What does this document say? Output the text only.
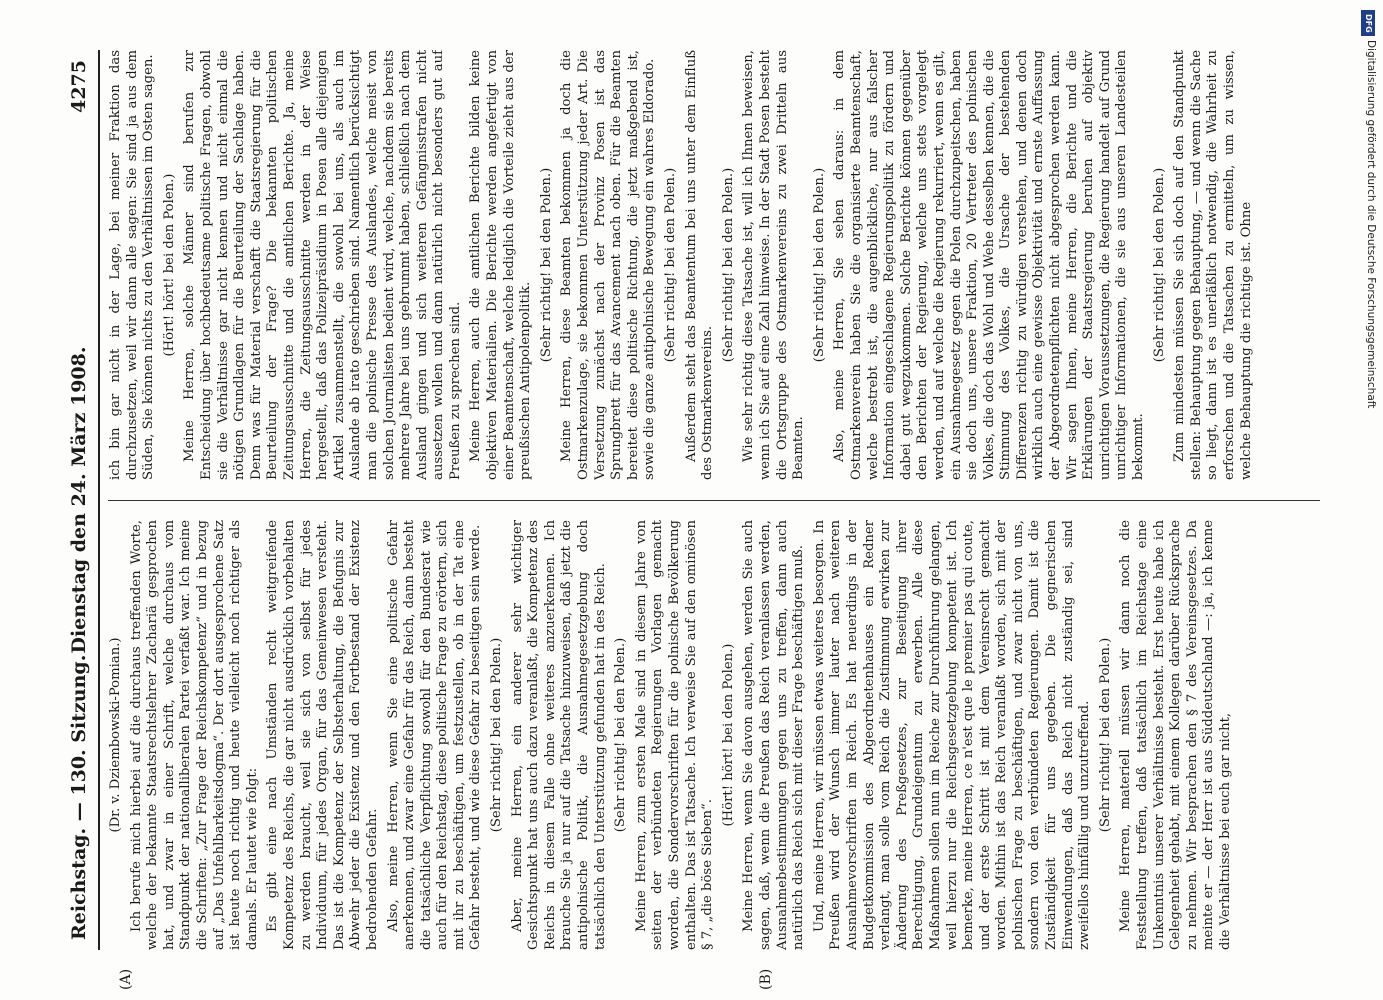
Reichstag. — 130. Sitzung.
Dienstag den 24. März 1908.
4275

(Dr. v. Dziembowski-Pomian.) Ich berufe mich hierbei auf die durchaus treffenden Worte, welche der bekannte Staatsrechtslehrer Zachariä gesprochen hat, und zwar in einer Schrift, welche durchaus vom Standpunkt der nationalliberalen Partei verfaßt war. Ich meine die Schriften: „Zur Frage der Reichskompetenz“ und in bezug auf „Das Unfehlbarkeitsdogma“. Der dort ausgesprochene Satz ist heute noch richtig und heute vielleicht noch richtiger als damals. Er lautet wie folgt: Es gibt eine nach Umständen recht weitgreifende Kompetenz des Reichs, die gar nicht ausdrücklich vorbehalten zu werden braucht, weil sie sich von selbst für jedes Individuum, für jedes Organ, für das Gemeinwesen versteht. Das ist die Kompetenz der Selbsterhaltung, die Befugnis zur Abwehr jeder die Existenz und den Fortbestand der Existenz bedrohenden Gefahr. Also, meine Herren, wenn Sie eine politische Gefahr anerkennen, und zwar eine Gefahr für das Reich, dann besteht die tatsächliche Verpflichtung sowohl für den Bundesrat wie auch für den Reichstag, diese politische Frage zu erörtern, sich mit ihr zu beschäftigen, um festzustellen, ob in der Tat eine Gefahr besteht, und wie diese Gefahr zu beseitigen sein werde. (Sehr richtig! bei den Polen.) Aber, meine Herren, ein anderer sehr wichtiger Gesichtspunkt hat uns auch dazu veranlaßt, die Kompetenz des Reichs in diesem Falle ohne weiteres anzuerkennen. Ich brauche Sie ja nur auf die Tatsache hinzuweisen, daß jetzt die antipolnische Politik, die Ausnahmegesetzgebung doch tatsächlich den Unterstützung gefunden hat in des Reich. (Sehr richtig! bei den Polen.) Meine Herren, zum ersten Male sind in diesem Jahre von seiten der verbündeten Regierungen Vorlagen gemacht worden, die Sondervorschriften für die polnische Bevölkerung enthalten. Das ist Tatsache. Ich verweise Sie auf den ominösen § 7, „die böse Sieben“.

(Hört! hört! bei den Polen.) Meine Herren, wenn Sie davon ausgehen, werden Sie auch sagen, daß, wenn die Preußen das Reich veranlassen werden, Ausnahmebestimmungen gegen uns zu treffen, dann auch natürlich das Reich sich mit dieser Frage beschäftigen muß. Und, meine Herren, wir müssen etwas weiteres besorgen. In Preußen wird der Wunsch immer lauter nach weiteren Ausnahmevorschriften im Reich. Es hat neuerdings in der Budgetkommission des Abgeordnetenhauses ein Redner verlangt, man solle vom Reich die Zustimmung erwirken zur Änderung des Preßgesetzes, zur Beseitigung ihrer Berechtigung, Grundeigentum zu erwerben. Alle diese Maßnahmen sollen nun im Reiche zur Durchführung gelangen, weil hierzu nur die Reichsgesetzgebung kompetent ist. Ich bemerke, meine Herren, ce n'est que le premier pas qui coute, und der erste Schritt ist mit dem Vereinsrecht gemacht worden. Mithin ist das Reich veranlaßt worden, sich mit der polnischen Frage zu beschäftigen, und zwar nicht von uns, sondern von den verbündeten Regierungen. Damit ist die Zuständigkeit für uns gegeben. Die gegnerischen Einwendungen, daß das Reich nicht zuständig sei, sind zweifellos hinfällig und unzutreffend. (Sehr richtig! bei den Polen.) Meine Herren, materiell müssen wir dann noch die Feststellung treffen, daß tatsächlich im Reichstage eine Unkenntnis unserer Verhältnisse besteht. Erst heute habe ich Gelegenheit gehabt, mit einem Kollegen darüber Rücksprache zu nehmen. Wir besprachen den § 7 des Vereinsgesetzes. Da meinte er — der Herr ist aus Süddeutschland —: ja, ich kenne die Verhältnisse bei euch gar nicht,

ich bin gar nicht in der Lage, bei meiner Fraktion das durchzusetzen, weil wir dann alle sagen: Sie sind ja aus dem Süden, Sie können nichts zu den Verhältnissen im Osten sagen. (Hört! hört! bei den Polen.) Meine Herren, solche Männer sind berufen zur Entscheidung über hochbedeutsame politische Fragen, obwohl sie die Verhältnisse gar nicht kennen und nicht einmal die nötigen Grundlagen für die Beurteilung der Sachlage haben. Denn was für Material verschafft die Staatsregierung für die Beurteilung der Frage? Die bekannten politischen Zeitungsausschnitte und die amtlichen Berichte. Ja, meine Herren, die Zeitungsausschnitte werden in der Weise hergestellt, daß das Polizeipräsidium in Posen alle diejenigen Artikel zusammenstellt, die sowohl bei uns, als auch im Auslande ab irato geschrieben sind. Namentlich berücksichtigt man die polnische Presse des Auslandes, welche meist von solchen Journalisten bedient wird, welche, nachdem sie bereits mehrere Jahre bei uns gebrummt haben, schließlich nach dem Ausland gingen und sich weiteren Gefängnisstrafen nicht aussetzen wollen und dann natürlich nicht besonders gut auf Preußen zu sprechen sind. Meine Herren, auch die amtlichen Berichte bilden keine objektiven Materialien. Die Berichte werden angefertigt von einer Beamtenschaft, welche lediglich die Vorteile zieht aus der preußischen Antipolenpolitik.

(Sehr richtig! bei den Polen.) Meine Herren, diese Beamten bekommen ja doch die Ostmarkenzulage, sie bekommen Unterstützung jeder Art. Die Versetzung zunächst nach der Provinz Posen ist das Sprungbrett für das Avancement nach oben. Für die Beamten bereitet diese politische Richtung, die jetzt maßgebend ist, sowie die ganze antipolnische Bewegung ein wahres Eldorado. (Sehr richtig! bei den Polen.) Außerdem steht das Beamtentum bei uns unter dem Einfluß des Ostmarkenvereins.

(Sehr richtig! bei den Polen.) Wie sehr richtig diese Tatsache ist, will ich Ihnen beweisen, wenn ich Sie auf eine Zahl hinweise. In der Stadt Posen besteht die Ortsgruppe des Ostmarkenvereins zu zwei Dritteln aus Beamten.

(Sehr richtig! bei den Polen.) Also, meine Herren, Sie sehen daraus: in dem Ostmarkenverein haben Sie die organisierte Beamtenschaft, welche bestrebt ist, die augenblickliche, nur aus falscher Information eingeschlagene Regierungspolitik zu fördern und dabei gut wegzukommen. Solche Berichte können gegenüber den Berichten der Regierung, welche uns stets vorgelegt werden, und auf welche die Regierung rekurriert, wenn es gilt, ein Ausnahmegesetz gegen die Polen durchzupeitschen, haben sie doch uns, unsere Fraktion, 20 Vertreter des polnischen Volkes, die doch das Wohl und Wehe desselben kennen, die die Stimmung des Volkes, die Ursache der bestehenden Differenzen richtig zu würdigen verstehen, und denen doch wirklich auch eine gewisse Objektivität und ernste Auffassung der Abgeordnetenpflichten nicht abgesprochen werden kann. Wir sagen Ihnen, meine Herren, die Berichte und die Erklärungen der Staatsregierung beruhen auf objektiv unrichtigen Voraussetzungen, die Regierung handelt auf Grund unrichtiger Informationen, die sie aus unseren Landesteilen bekommt.

(Sehr richtig! bei den Polen.) Zum mindesten müssen Sie sich doch auf den Standpunkt stellen: Behauptung gegen Behauptung, — und wenn die Sache so liegt, dann ist es unerläßlich notwendig, die Wahrheit zu erforschen und die Tatsachen zu ermitteln, um zu wissen, welche Behauptung die richtige ist. Ohne

(A)	(B)
DFG
Digitalisierung gefördert durch die Deutsche Forschungsgemeinschaft
